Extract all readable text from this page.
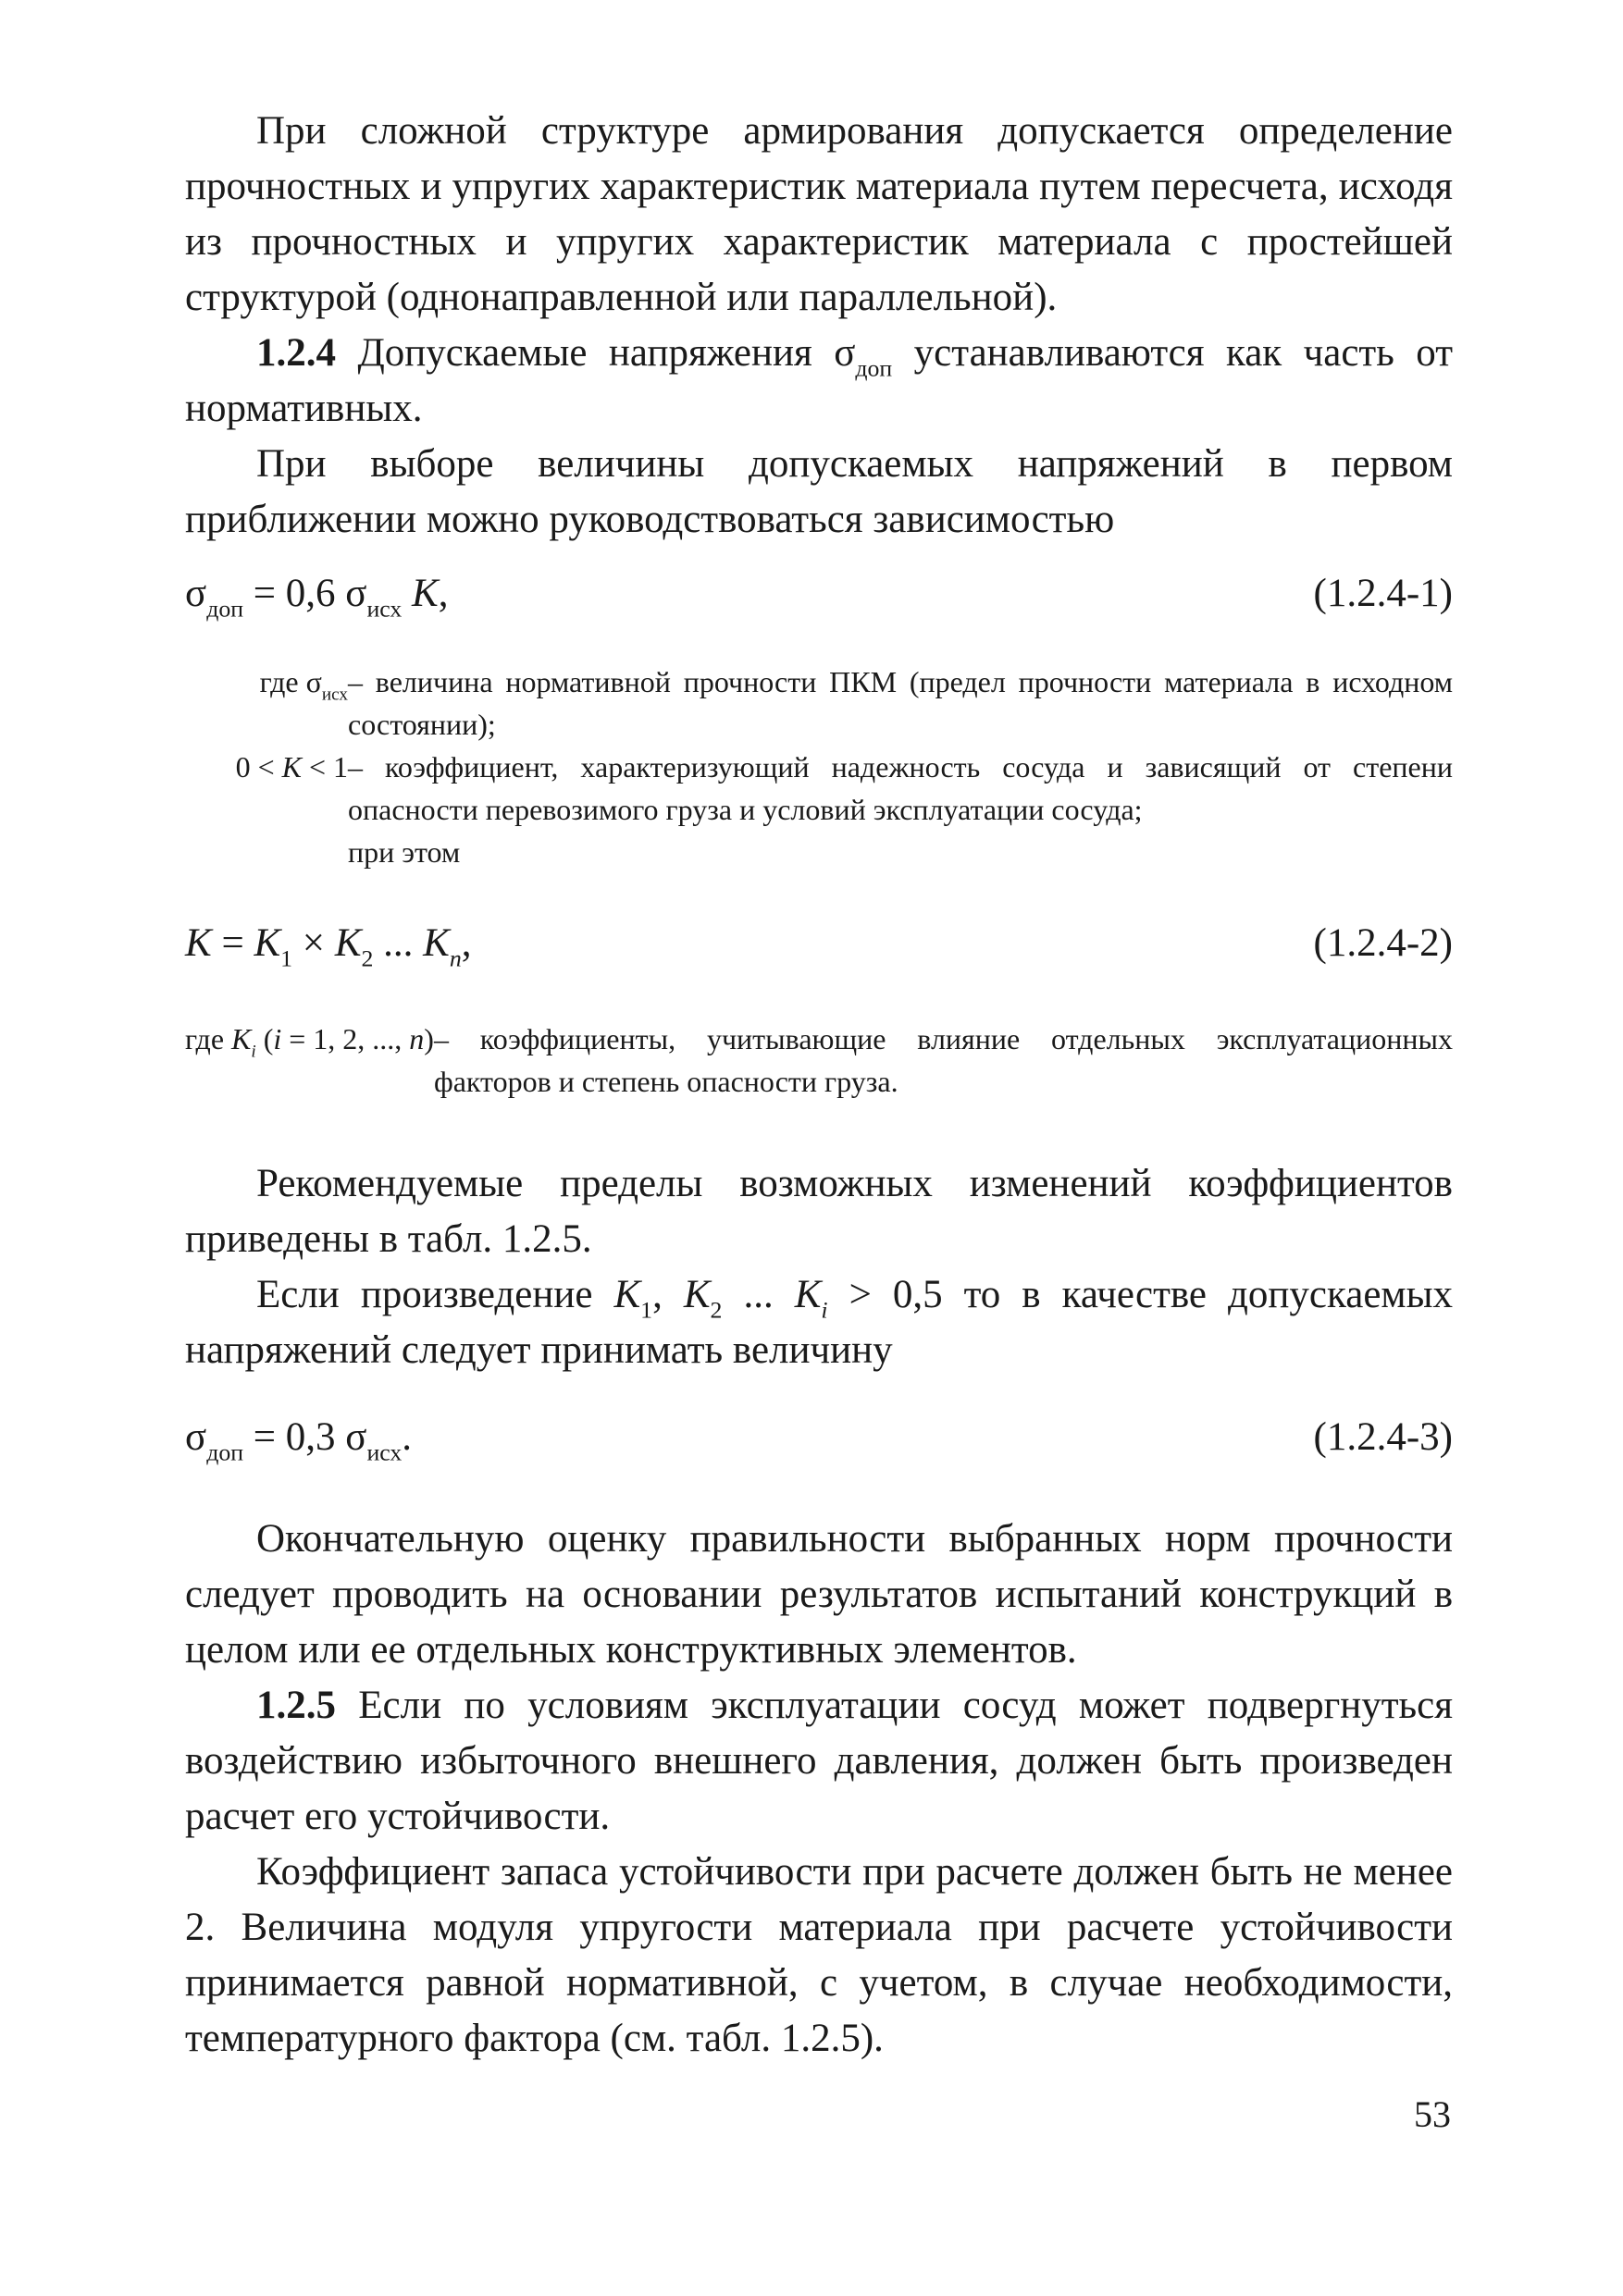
При сложной структуре армирования допускается определение прочностных и упругих характеристик материала путем пересчета, исходя из прочностных и упругих характеристик материала с простейшей структурой (однонаправленной или параллельной).

1.2.4 Допускаемые напряжения $\sigma_{доп}$ устанавливаются как часть от нормативных.

При выборе величины допускаемых напряжений в первом приближении можно руководствоваться зависимостью

$\sigma_{доп} = 0,6$ $\sigma_{исх}$ K,	(1.2.4-1)
где $\sigma_{исх}$ – величина нормативной прочности ПКМ (предел прочности материала в исходном состоянии);
0 < K < 1 – коэффициент, характеризующий надежность сосуда и зависящий от степени опасности перевозимого груза и условий эксплуатации сосуда;
при этом
$K = K_1 \times K_2$ ... $K_n$,	(1.2.4-2)
где $K_i$ (i = 1, 2, ..., n) – коэффициенты, учитывающие влияние отдельных эксплуатационных факторов и степень опасности груза.

Рекомендуемые пределы возможных изменений коэффициентов приведены в табл. 1.2.5.

Если произведение $K_1$, $K_2$ ... $K_i > 0,5$ то в качестве допускаемых напряжений следует принимать величину

$\sigma_{доп} = 0,3$ $\sigma_{исх}$.	(1.2.4-3)

Окончательную оценку правильности выбранных норм прочности следует проводить на основании результатов испытаний конструкций в целом или ее отдельных конструктивных элементов.

1.2.5 Если по условиям эксплуатации сосуд может подвергнуться воздействию избыточного внешнего давления, должен быть произведен расчет его устойчивости.

Коэффициент запаса устойчивости при расчете должен быть не менее 2. Величина модуля упругости материала при расчете устойчивости принимается равной нормативной, с учетом, в случае необходимости, температурного фактора (см. табл. 1.2.5).

53
